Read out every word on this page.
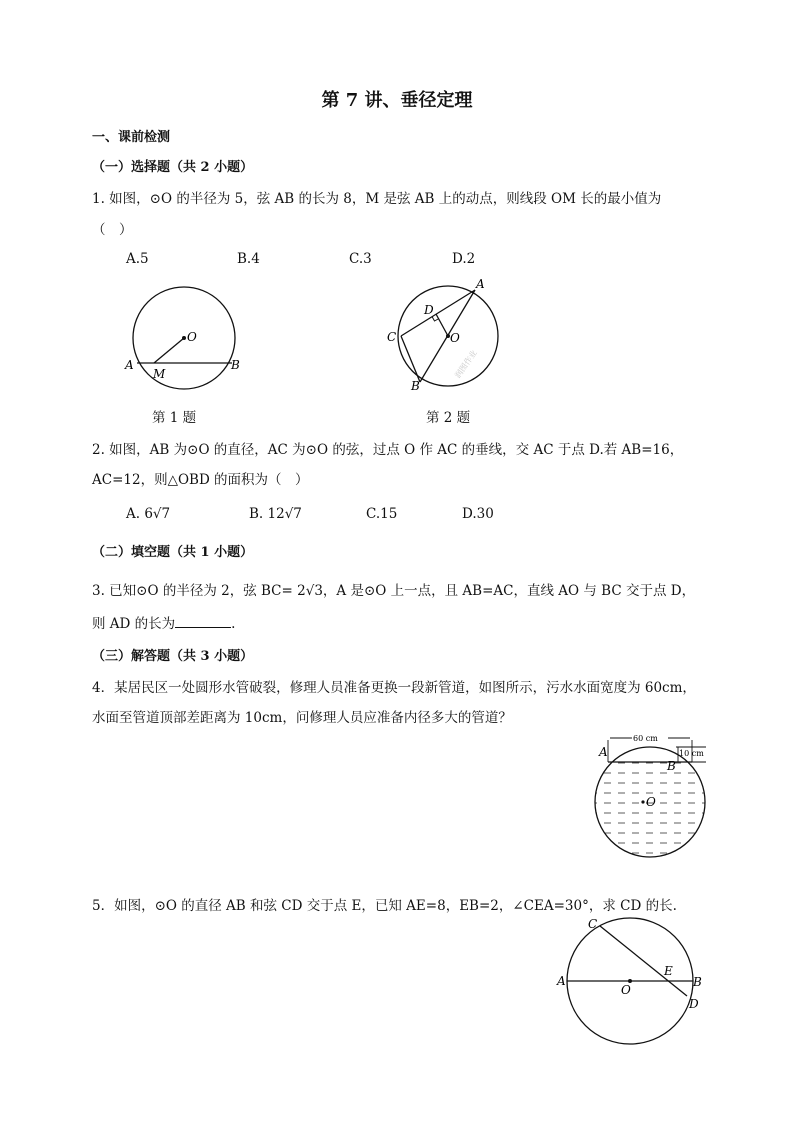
第 7 讲、垂径定理
一、课前检测
（一）选择题（共 2 小题）
1. 如图，⊙O 的半径为 5，弦 AB 的长为 8，M 是弦 AB 上的动点，则线段 OM 长的最小值为
（　）
A.5	B.4	C.3	D.2
O
A	B
M
第 1 题
A
C
D
O
B
润图作业
第 2 题
2. 如图，AB 为⊙O 的直径，AC 为⊙O 的弦，过点 O 作 AC 的垂线，交 AC 于点 D.若 AB=16，
AC=12，则△OBD 的面积为（　）
A. 6√7	B. 12√7	C.15	D.30
（二）填空题（共 1 小题）
3. 已知⊙O 的半径为 2，弦 BC= 2√3，A 是⊙O 上一点，且 AB=AC，直线 AO 与 BC 交于点 D，
则 AD 的长为	.
（三）解答题（共 3 小题）
4．某居民区一处圆形水管破裂，修理人员准备更换一段新管道，如图所示，污水水面宽度为 60cm，
水面至管道顶部差距离为 10cm，问修理人员应准备内径多大的管道？
60 cm
10 cm
A
B
O
5．如图，⊙O 的直径 AB 和弦 CD 交于点 E，已知 AE=8，EB=2，∠CEA=30°，求 CD 的长.
A	B
C
D
E
O
